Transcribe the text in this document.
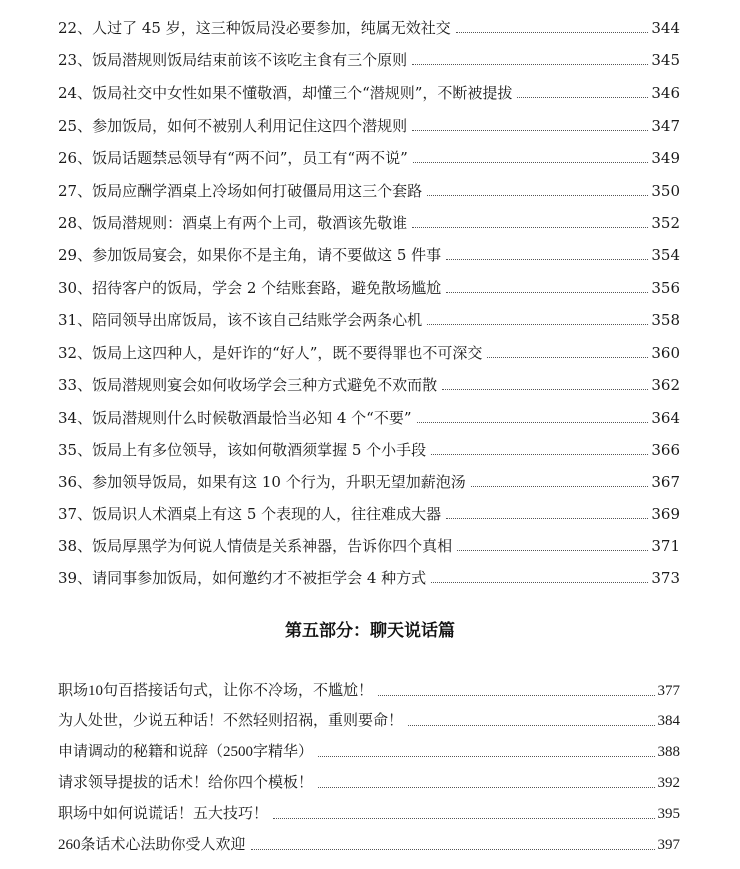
22、人过了 45 岁，这三种饭局没必要参加，纯属无效社交	344
23、饭局潜规则饭局结束前该不该吃主食有三个原则	345
24、饭局社交中女性如果不懂敬酒，却懂三个“潜规则”，不断被提拔	346
25、参加饭局，如何不被别人利用记住这四个潜规则	347
26、饭局话题禁忌领导有“两不问”，员工有“两不说”	349
27、饭局应酬学酒桌上冷场如何打破僵局用这三个套路	350
28、饭局潜规则：酒桌上有两个上司，敬酒该先敬谁	352
29、参加饭局宴会，如果你不是主角，请不要做这 5 件事	354
30、招待客户的饭局，学会 2 个结账套路，避免散场尴尬	356
31、陪同领导出席饭局，该不该自己结账学会两条心机	358
32、饭局上这四种人，是奸诈的“好人”，既不要得罪也不可深交	360
33、饭局潜规则宴会如何收场学会三种方式避免不欢而散	362
34、饭局潜规则什么时候敬酒最恰当必知 4 个“不要”	364
35、饭局上有多位领导，该如何敬酒须掌握 5 个小手段	366
36、参加领导饭局，如果有这 10 个行为，升职无望加薪泡汤	367
37、饭局识人术酒桌上有这 5 个表现的人，往往难成大器	369
38、饭局厚黑学为何说人情债是关系神器，告诉你四个真相	371
39、请同事参加饭局，如何邀约才不被拒学会 4 种方式	373
第五部分：聊天说话篇
职场10句百搭接话句式，让你不冷场，不尴尬！	377
为人处世，少说五种话！不然轻则招祸，重则要命！	384
申请调动的秘籍和说辞（2500字精华）	388
请求领导提拔的话术！给你四个模板！	392
职场中如何说谎话！五大技巧！	395
260条话术心法助你受人欢迎	397
